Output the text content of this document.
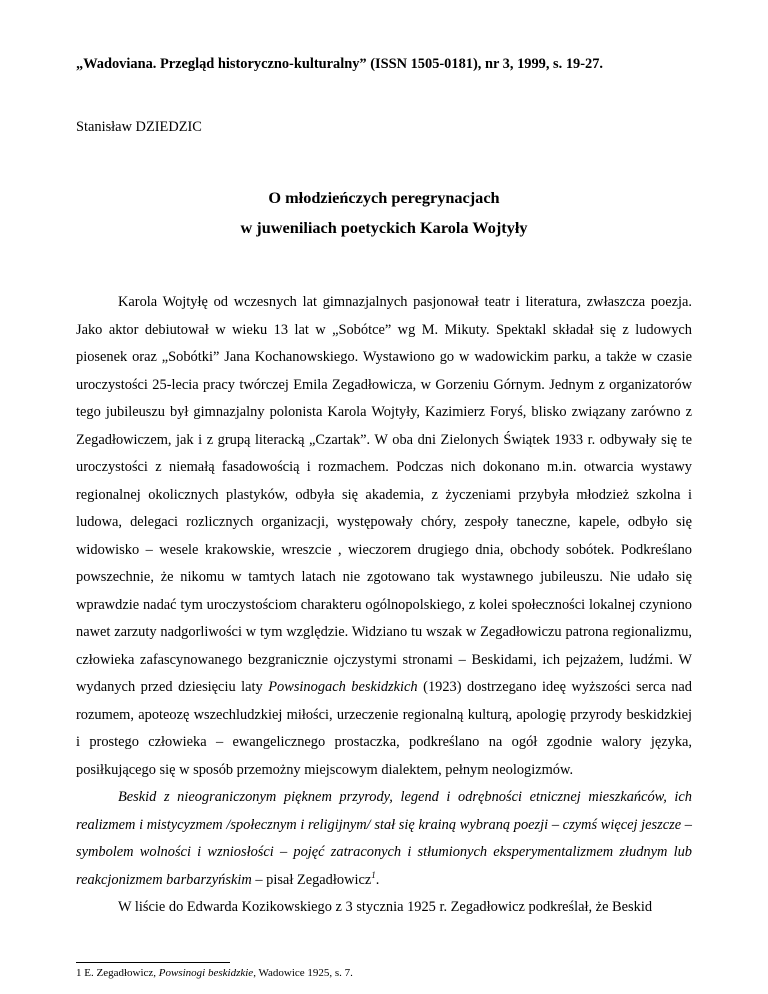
„Wadoviana. Przegląd historyczno-kulturalny” (ISSN 1505-0181), nr 3, 1999, s. 19-27.
Stanisław DZIEDZIC
O młodzieńczych peregrynacjach
w juweniliach poetyckich Karola Wojtyły

Karola Wojtyłę od wczesnych lat gimnazjalnych pasjonował teatr i literatura, zwłaszcza poezja. Jako aktor debiutował w wieku 13 lat w „Sobótce” wg M. Mikuty. Spektakl składał się z ludowych piosenek oraz „Sobótki” Jana Kochanowskiego. Wystawiono go w wadowickim parku, a także w czasie uroczystości 25-lecia pracy twórczej Emila Zegadłowicza, w Gorzeniu Górnym. Jednym z organizatorów tego jubileuszu był gimnazjalny polonista Karola Wojtyły, Kazimierz Foryś, blisko związany zarówno z Zegadłowiczem, jak i z grupą literacką „Czartak”. W oba dni Zielonych Świątek 1933 r. odbywały się te uroczystości z niemałą fasadowością i rozmachem. Podczas nich dokonano m.in. otwarcia wystawy regionalnej okolicznych plastyków, odbyła się akademia, z życzeniami przybyła młodzież szkolna i ludowa, delegaci rozlicznych organizacji, występowały chóry, zespoły taneczne, kapele, odbyło się widowisko – wesele krakowskie, wreszcie , wieczorem drugiego dnia, obchody sobótek. Podkreślano powszechnie, że nikomu w tamtych latach nie zgotowano tak wystawnego jubileuszu. Nie udało się wprawdzie nadać tym uroczystościom charakteru ogólnopolskiego, z kolei społeczności lokalnej czyniono nawet zarzuty nadgorliwości w tym względzie. Widziano tu wszak w Zegadłowiczu patrona regionalizmu, człowieka zafascynowanego bezgranicznie ojczystymi stronami – Beskidami, ich pejzażem, ludźmi. W wydanych przed dziesięciu laty Powsinogach beskidzkich (1923) dostrzegano ideę wyższości serca nad rozumem, apoteozę wszechludzkiej miłości, urzeczenie regionalną kulturą, apologię przyrody beskidzkiej i prostego człowieka – ewangelicznego prostaczka, podkreślano na ogół zgodnie walory języka, posiłkującego się w sposób przemożny miejscowym dialektem, pełnym neologizmów.

Beskid z nieograniczonym pięknem przyrody, legend i odrębności etnicznej mieszkańców, ich realizmem i mistycyzmem /społecznym i religijnym/ stał się krainą wybraną poezji – czymś więcej jeszcze – symbolem wolności i wzniosłości – pojęć zatraconych i stłumionych eksperymentalizmem złudnym lub reakcjonizmem barbarzyńskim – pisał Zegadłowicz$^1$.

W liście do Edwarda Kozikowskiego z 3 stycznia 1925 r. Zegadłowicz podkreślał, że Beskid

1 E. Zegadłowicz, Powsinogi beskidzkie, Wadowice 1925, s. 7.
